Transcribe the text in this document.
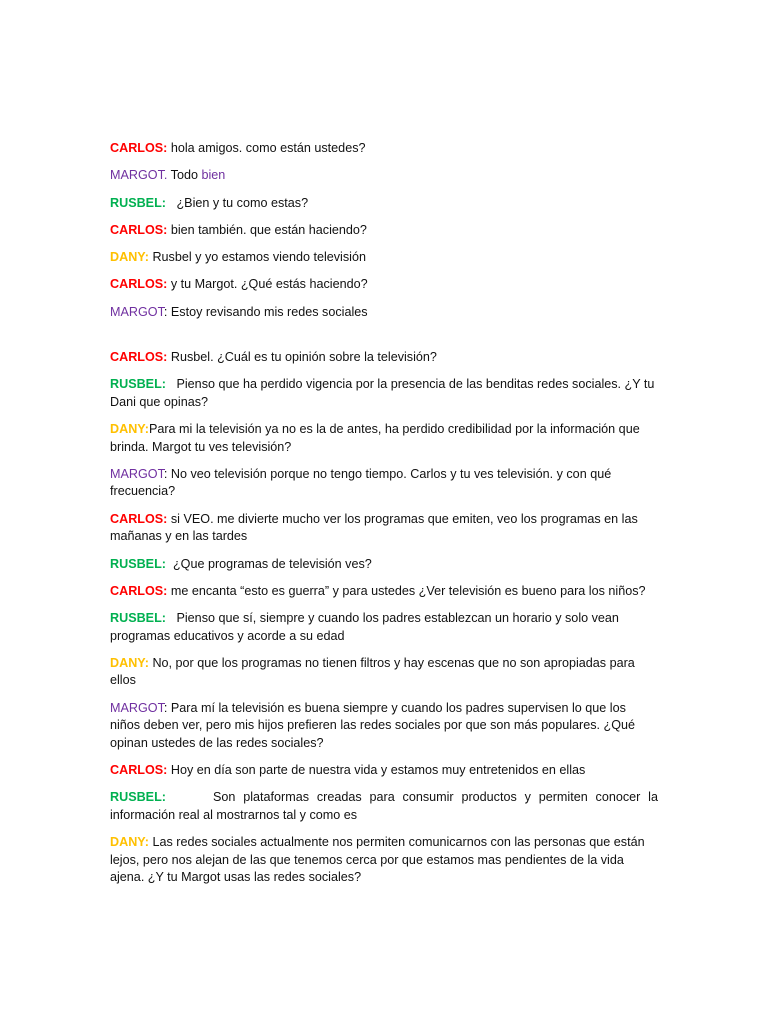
CARLOS: hola amigos. como están ustedes?

MARGOT. Todo bien

RUSBEL: ¿Bien y tu como estas?

CARLOS: bien también. que están haciendo?

DANY: Rusbel y yo estamos viendo televisión

CARLOS: y tu Margot. ¿Qué estás haciendo?

MARGOT: Estoy revisando mis redes sociales

CARLOS: Rusbel. ¿Cuál es tu opinión sobre la televisión?

RUSBEL: Pienso que ha perdido vigencia por la presencia de las benditas redes sociales. ¿Y tu Dani que opinas?

DANY:Para mi la televisión ya no es la de antes, ha perdido credibilidad por la información que brinda. Margot tu ves televisión?

MARGOT: No veo televisión porque no tengo tiempo. Carlos y tu ves televisión. y con qué frecuencia?

CARLOS: si VEO. me divierte mucho ver los programas que emiten, veo los programas en las mañanas y en las tardes

RUSBEL: ¿Que programas de televisión ves?

CARLOS: me encanta “esto es guerra” y para ustedes ¿Ver televisión es bueno para los niños?

RUSBEL: Pienso que sí, siempre y cuando los padres establezcan un horario y solo vean programas educativos y acorde a su edad

DANY: No, por que los programas no tienen filtros y hay escenas que no son apropiadas para ellos

MARGOT: Para mí la televisión es buena siempre y cuando los padres supervisen lo que los niños deben ver, pero mis hijos prefieren las redes sociales por que son más populares. ¿Qué opinan ustedes de las redes sociales?

CARLOS: Hoy en día son parte de nuestra vida y estamos muy entretenidos en ellas

RUSBEL:	Son plataformas creadas para consumir productos y permiten conocer la información real al mostrarnos tal y como es

DANY: Las redes sociales actualmente nos permiten comunicarnos con las personas que están lejos, pero nos alejan de las que tenemos cerca por que estamos mas pendientes de la vida ajena. ¿Y tu Margot usas las redes sociales?
